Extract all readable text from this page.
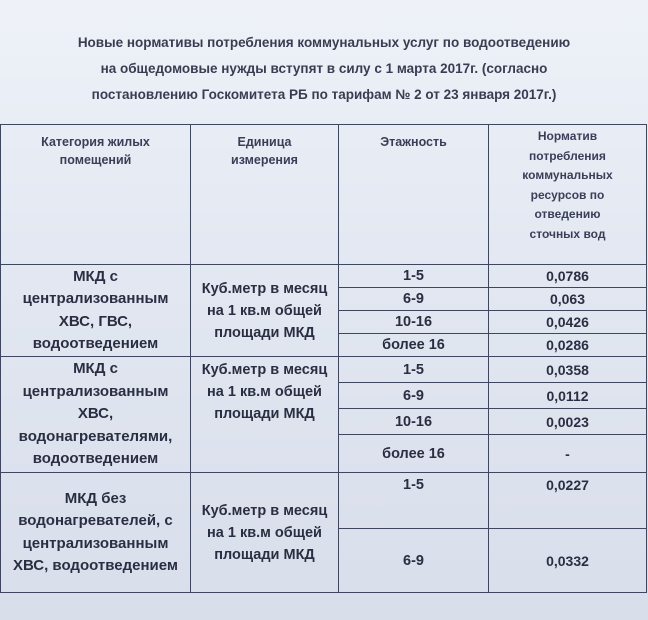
Новые нормативы потребления коммунальных услуг по водоотведению
на общедомовые нужды вступят в силу с 1 марта 2017г. (согласно
постановлению Госкомитета РБ по тарифам № 2 от 23 января 2017г.)
Категория жилых помещений	Единица измерения	Этажность	Норматив потребления коммунальных ресурсов по отведению сточных вод
МКД с централизованным ХВС, ГВС, водоотведением	Куб.метр в месяц на 1 кв.м общей площади МКД	1-5	0,0786
		6-9	0,063
		10-16	0,0426
		более 16	0,0286
МКД с централизованным ХВС, водонагревателями, водоотведением	Куб.метр в месяц на 1 кв.м общей площади МКД	1-5	0,0358
		6-9	0,0112
		10-16	0,0023
		более 16	-
МКД без водонагревателей, с централизованным ХВС, водоотведением	Куб.метр в месяц на 1 кв.м общей площади МКД	1-5	0,0227
		6-9	0,0332
